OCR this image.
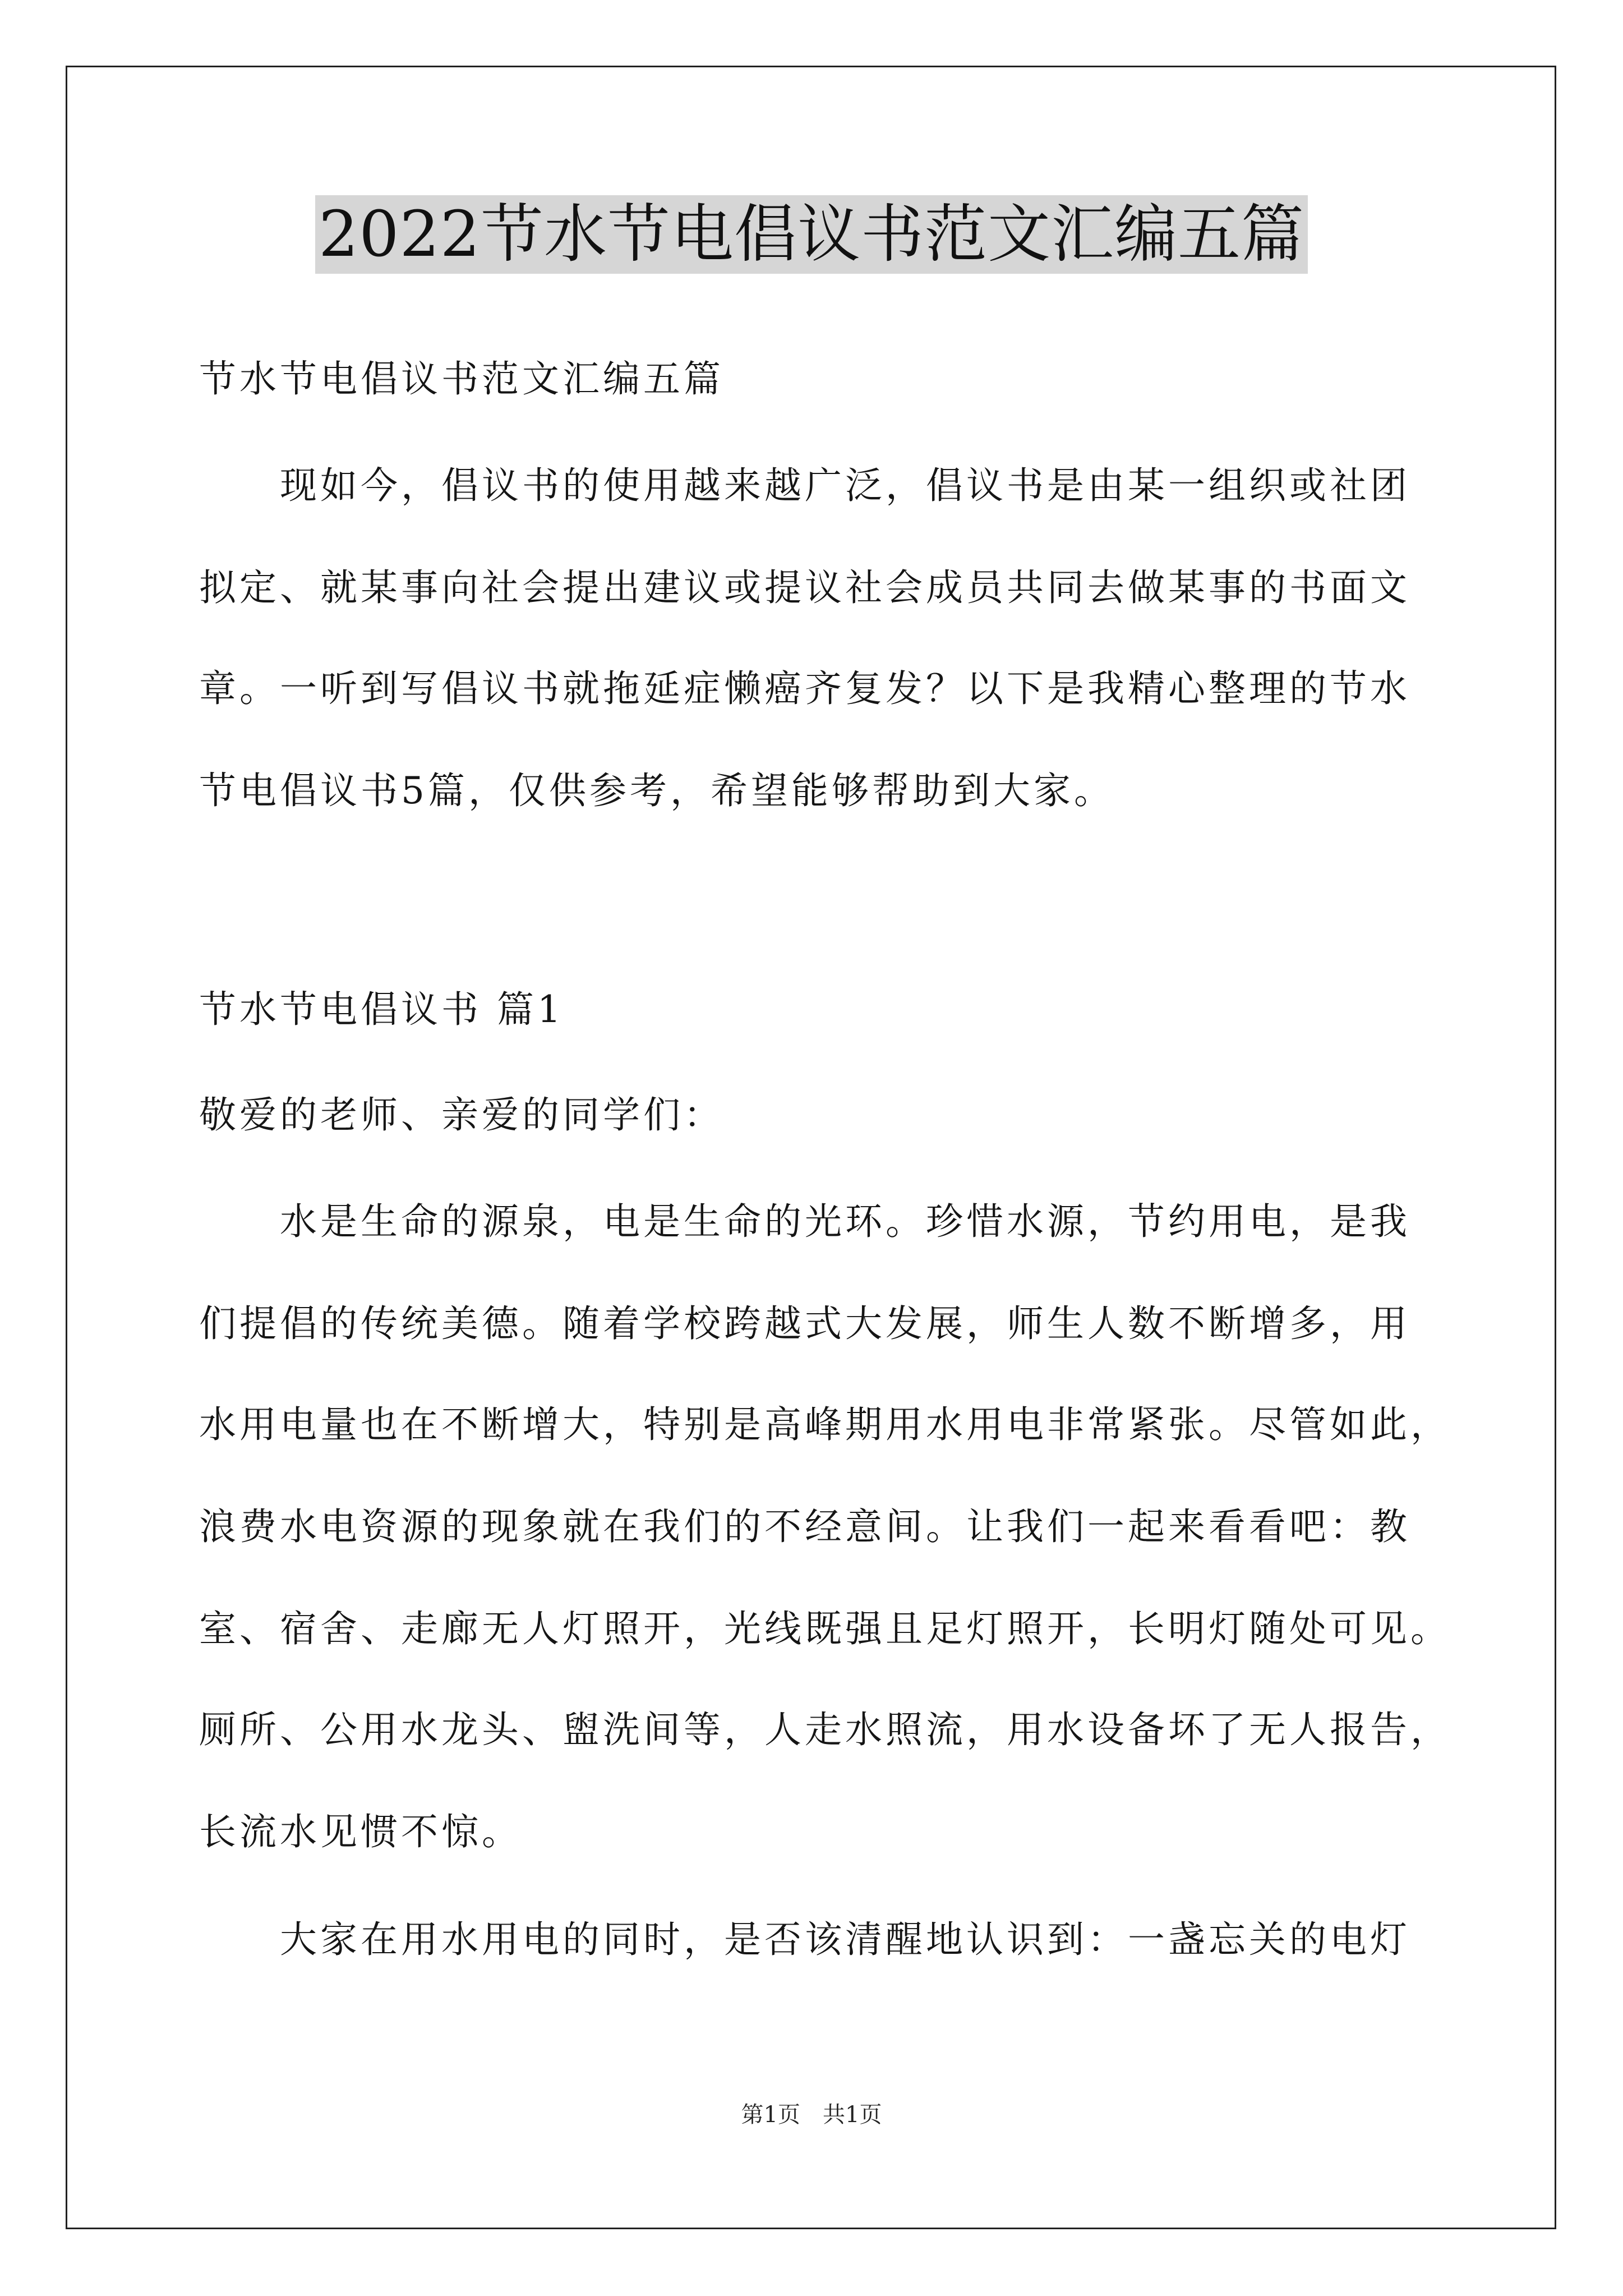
2022节水节电倡议书范文汇编五篇
节水节电倡议书范文汇编五篇
　　现如今，倡议书的使用越来越广泛，倡议书是由某一组织或社团
拟定、就某事向社会提出建议或提议社会成员共同去做某事的书面文
章。一听到写倡议书就拖延症懒癌齐复发？以下是我精心整理的节水
节电倡议书5篇，仅供参考，希望能够帮助到大家。
节水节电倡议书 篇1
敬爱的老师、亲爱的同学们：
　　水是生命的源泉，电是生命的光环。珍惜水源，节约用电，是我
们提倡的传统美德。随着学校跨越式大发展，师生人数不断增多，用
水用电量也在不断增大，特别是高峰期用水用电非常紧张。尽管如此，
浪费水电资源的现象就在我们的不经意间。让我们一起来看看吧：教
室、宿舍、走廊无人灯照开，光线既强且足灯照开，长明灯随处可见。
厕所、公用水龙头、盥洗间等，人走水照流，用水设备坏了无人报告，
长流水见惯不惊。
　　大家在用水用电的同时，是否该清醒地认识到：一盏忘关的电灯
第1页　共1页
